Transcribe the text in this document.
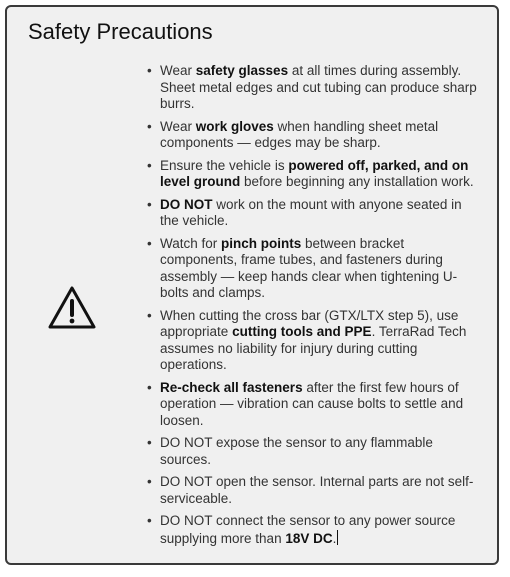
Safety Precautions
• Wear safety glasses at all times during assembly. Sheet metal edges and cut tubing can produce sharp burrs.
• Wear work gloves when handling sheet metal components — edges may be sharp.
• Ensure the vehicle is powered off, parked, and on level ground before beginning any installation work.
• DO NOT work on the mount with anyone seated in the vehicle.
• Watch for pinch points between bracket components, frame tubes, and fasteners during assembly — keep hands clear when tightening U-bolts and clamps.
• When cutting the cross bar (GTX/LTX step 5), use appropriate cutting tools and PPE. TerraRad Tech assumes no liability for injury during cutting operations.
• Re-check all fasteners after the first few hours of operation — vibration can cause bolts to settle and loosen.
• DO NOT expose the sensor to any flammable sources.
• DO NOT open the sensor. Internal parts are not self-serviceable.
• DO NOT connect the sensor to any power source supplying more than 18V DC.
